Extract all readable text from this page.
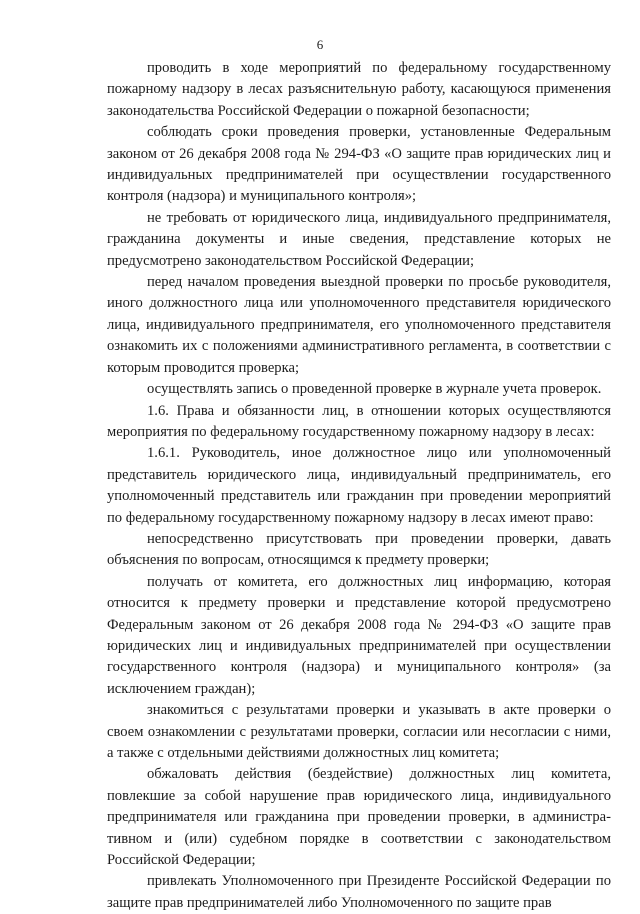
6

проводить в ходе мероприятий по федеральному государственному пожарному надзору в лесах разъяснительную работу, касающуюся применения законодательства Российской Федерации о пожарной безопасности;

соблюдать сроки проведения проверки, установленные Федеральным законом от 26 декабря 2008 года № 294-ФЗ «О защите прав юридических лиц и индивидуальных предпринимателей при осуществлении государственного контроля (надзора) и муниципального контроля»;

не требовать от юридического лица, индивидуального предпринимателя, гражданина документы и иные сведения, представление которых не предусмотрено законодательством Российской Федерации;

перед началом проведения выездной проверки по просьбе руководителя, иного должностного лица или уполномоченного представителя юридического лица, индивидуального предпринимателя, его уполномоченного представителя ознакомить их с положениями административного регламента, в соответствии с которым проводится проверка;

осуществлять запись о проведенной проверке в журнале учета проверок.

1.6. Права и обязанности лиц, в отношении которых осуществляются мероприятия по федеральному государственному пожарному надзору в лесах:

1.6.1. Руководитель, иное должностное лицо или уполномоченный представитель юридического лица, индивидуальный предприниматель, его уполномоченный представитель или гражданин при проведении мероприятий по федеральному государственному пожарному надзору в лесах имеют право:

непосредственно присутствовать при проведении проверки, давать объяснения по вопросам, относящимся к предмету проверки;

получать от комитета, его должностных лиц информацию, которая относится к предмету проверки и представление которой предусмотрено Федеральным законом от 26 декабря 2008 года № 294-ФЗ «О защите прав юридических лиц и индивидуальных предпринимателей при осуществлении государственного контроля (надзора) и муниципального контроля» (за исключением граждан);

знакомиться с результатами проверки и указывать в акте проверки о своем ознакомлении с результатами проверки, согласии или несогласии с ними, а также с отдельными действиями должностных лиц комитета;

обжаловать действия (бездействие) должностных лиц комитета, повлекшие за собой нарушение прав юридического лица, индивидуального предпринимателя или гражданина при проведении проверки, в администра-тивном и (или) судебном порядке в соответствии с законодательством Российской Федерации;

привлекать Уполномоченного при Президенте Российской Федерации по защите прав предпринимателей либо Уполномоченного по защите прав
